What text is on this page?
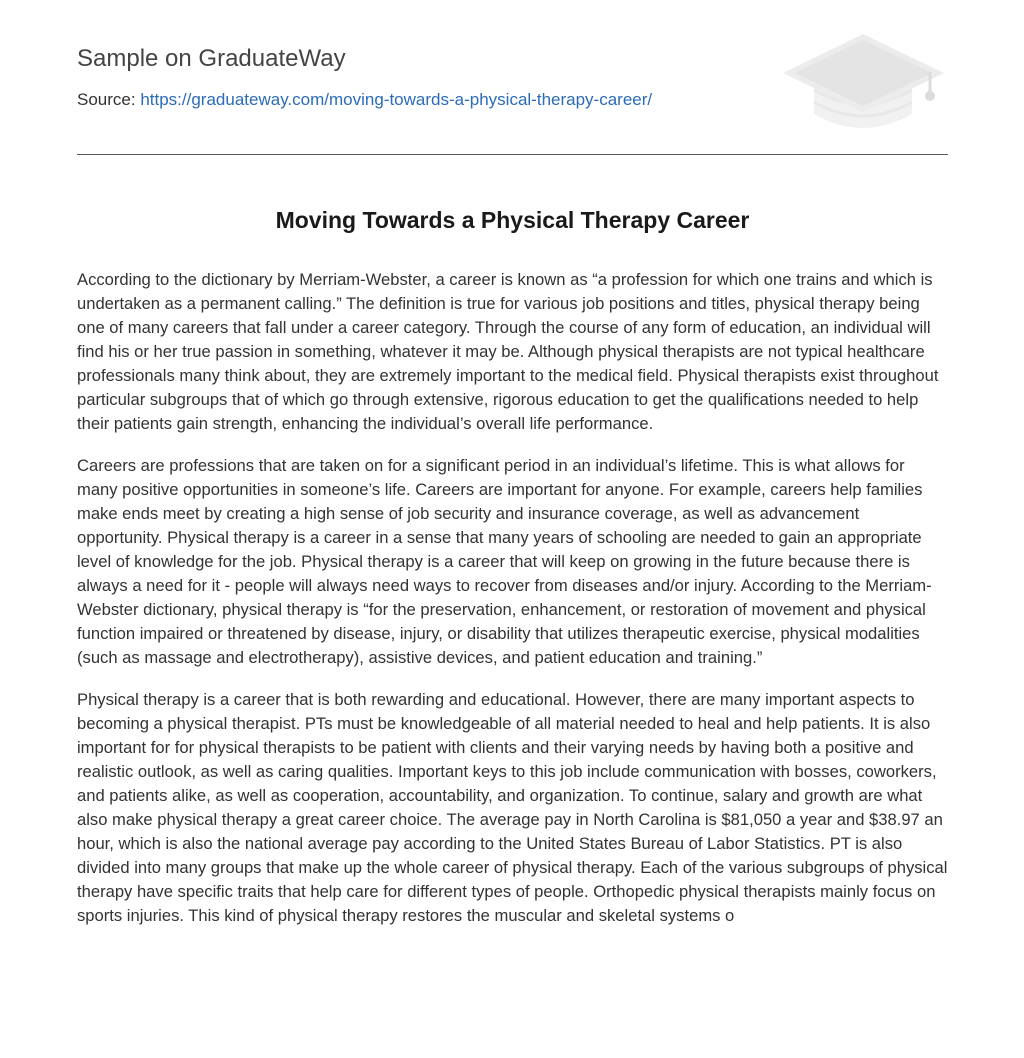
Sample on GraduateWay
Source: https://graduateway.com/moving-towards-a-physical-therapy-career/
Moving Towards a Physical Therapy Career

According to the dictionary by Merriam-Webster, a career is known as “a profession for which one trains and which is undertaken as a permanent calling.” The definition is true for various job positions and titles, physical therapy being one of many careers that fall under a career category. Through the course of any form of education, an individual will find his or her true passion in something, whatever it may be. Although physical therapists are not typical healthcare professionals many think about, they are extremely important to the medical field. Physical therapists exist throughout particular subgroups that of which go through extensive, rigorous education to get the qualifications needed to help their patients gain strength, enhancing the individual’s overall life performance.

Careers are professions that are taken on for a significant period in an individual’s lifetime. This is what allows for many positive opportunities in someone’s life. Careers are important for anyone. For example, careers help families make ends meet by creating a high sense of job security and insurance coverage, as well as advancement opportunity. Physical therapy is a career in a sense that many years of schooling are needed to gain an appropriate level of knowledge for the job. Physical therapy is a career that will keep on growing in the future because there is always a need for it - people will always need ways to recover from diseases and/or injury. According to the Merriam-Webster dictionary, physical therapy is “for the preservation, enhancement, or restoration of movement and physical function impaired or threatened by disease, injury, or disability that utilizes therapeutic exercise, physical modalities (such as massage and electrotherapy), assistive devices, and patient education and training.”

Physical therapy is a career that is both rewarding and educational. However, there are many important aspects to becoming a physical therapist. PTs must be knowledgeable of all material needed to heal and help patients. It is also important for for physical therapists to be patient with clients and their varying needs by having both a positive and realistic outlook, as well as caring qualities. Important keys to this job include communication with bosses, coworkers, and patients alike, as well as cooperation, accountability, and organization. To continue, salary and growth are what also make physical therapy a great career choice. The average pay in North Carolina is $81,050 a year and $38.97 an hour, which is also the national average pay according to the United States Bureau of Labor Statistics. PT is also divided into many groups that make up the whole career of physical therapy. Each of the various subgroups of physical therapy have specific traits that help care for different types of people. Orthopedic physical therapists mainly focus on sports injuries. This kind of physical therapy restores the muscular and skeletal systems o
